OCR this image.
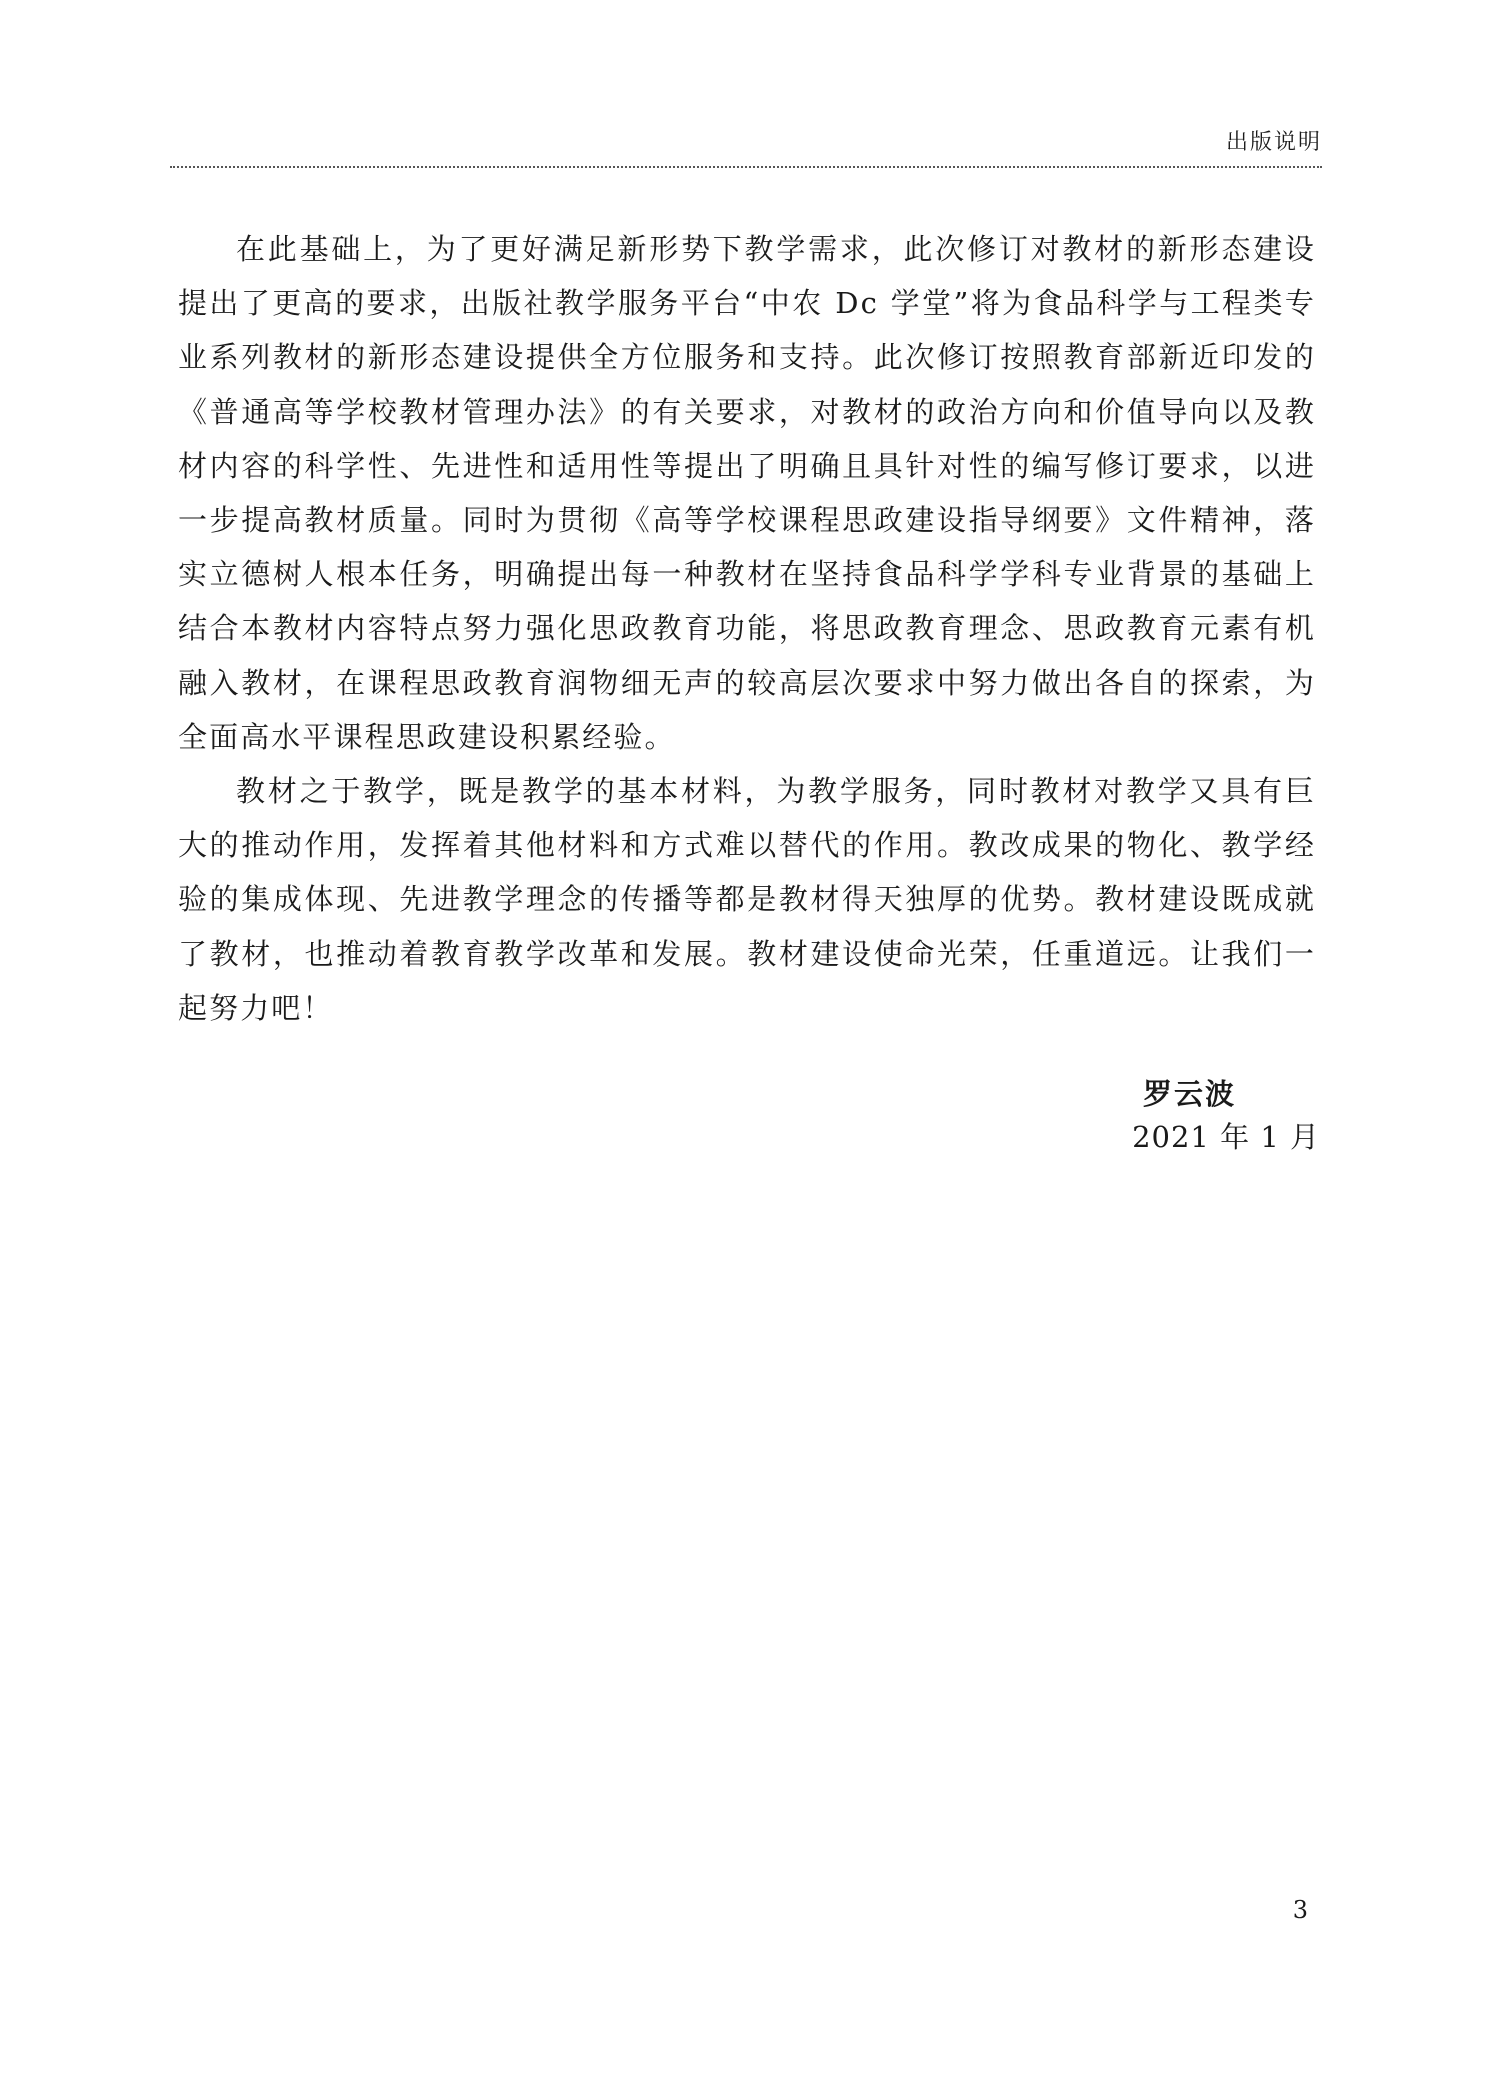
出版说明

在此基础上，为了更好满足新形势下教学需求，此次修订对教材的新形态建设提出了更高的要求，出版社教学服务平台“中农 Dc 学堂”将为食品科学与工程类专业系列教材的新形态建设提供全方位服务和支持。此次修订按照教育部新近印发的《普通高等学校教材管理办法》的有关要求，对教材的政治方向和价值导向以及教材内容的科学性、先进性和适用性等提出了明确且具针对性的编写修订要求，以进一步提高教材质量。同时为贯彻《高等学校课程思政建设指导纲要》文件精神，落实立德树人根本任务，明确提出每一种教材在坚持食品科学学科专业背景的基础上结合本教材内容特点努力强化思政教育功能，将思政教育理念、思政教育元素有机融入教材，在课程思政教育润物细无声的较高层次要求中努力做出各自的探索，为全面高水平课程思政建设积累经验。

教材之于教学，既是教学的基本材料，为教学服务，同时教材对教学又具有巨大的推动作用，发挥着其他材料和方式难以替代的作用。教改成果的物化、教学经验的集成体现、先进教学理念的传播等都是教材得天独厚的优势。教材建设既成就了教材，也推动着教育教学改革和发展。教材建设使命光荣，任重道远。让我们一起努力吧！

罗云波
2021 年 1 月
3
